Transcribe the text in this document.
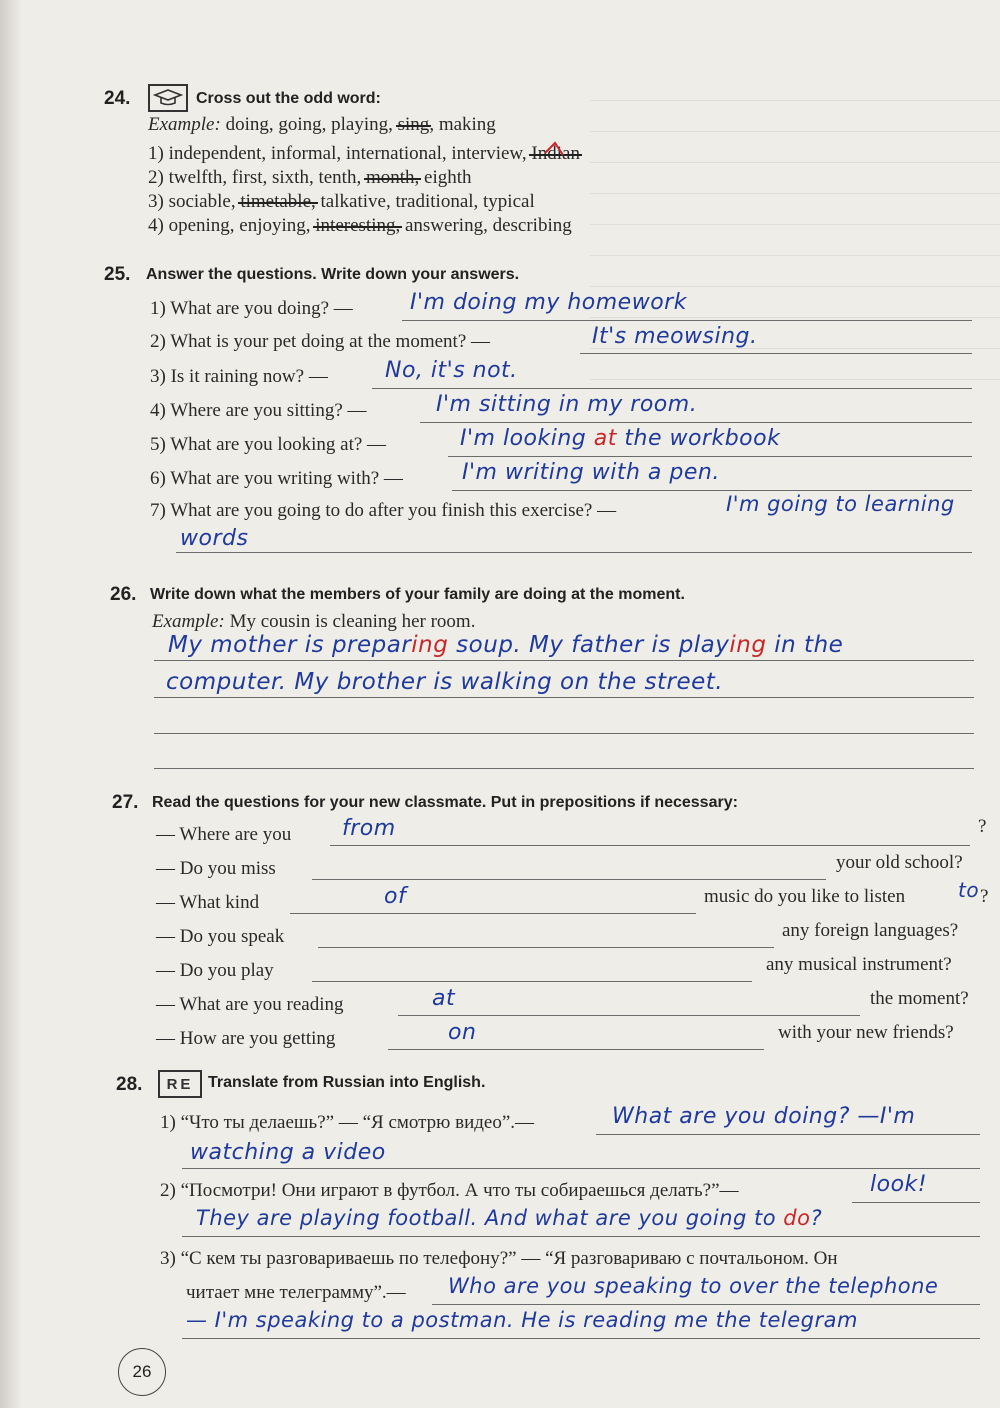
24.	Cross out the odd word:
Example: doing, going, playing, sing, making
1) independent, informal, international, interview, Indian
2) twelfth, first, sixth, tenth, month, eighth
3) sociable, timetable, talkative, traditional, typical
4) opening, enjoying, interesting, answering, describing
25. Answer the questions. Write down your answers.
1) What are you doing? —	I'm doing my homework
2) What is your pet doing at the moment? —	It's meowsing.
3) Is it raining now? —	No, it's not.
4) Where are you sitting? —	I'm sitting in my room.
5) What are you looking at? —	I'm looking at the workbook
6) What are you writing with? —	I'm writing with a pen.
7) What are you going to do after you finish this exercise? —	I'm going to learning
words
26. Write down what the members of your family are doing at the moment.
Example: My cousin is cleaning her room.
My mother is preparing soup. My father is playing in the
computer. My brother is walking on the street.
27. Read the questions for your new classmate. Put in prepositions if necessary:
— Where are you from	?
— Do you miss	your old school?
— What kind	of	music do you like to listen	to ?
— Do you speak	any foreign languages?
— Do you play	any musical instrument?
— What are you reading	at	the moment?
— How are you getting	on	with your new friends?
28.	RE Translate from Russian into English.
1) “Что ты делаешь?” — “Я смотрю видео”.—	What are you doing? —I'm
watching a video
2) “Посмотри! Они играют в футбол. А что ты собираешься делать?”—	look!
They are playing football. And what are you going to do?
3) “С кем ты разговариваешь по телефону?” — “Я разговариваю с почтальоном. Он
читает мне телеграмму”.— Who are you speaking to over the telephone
— I'm speaking to a postman. He is reading me the telegram
26
